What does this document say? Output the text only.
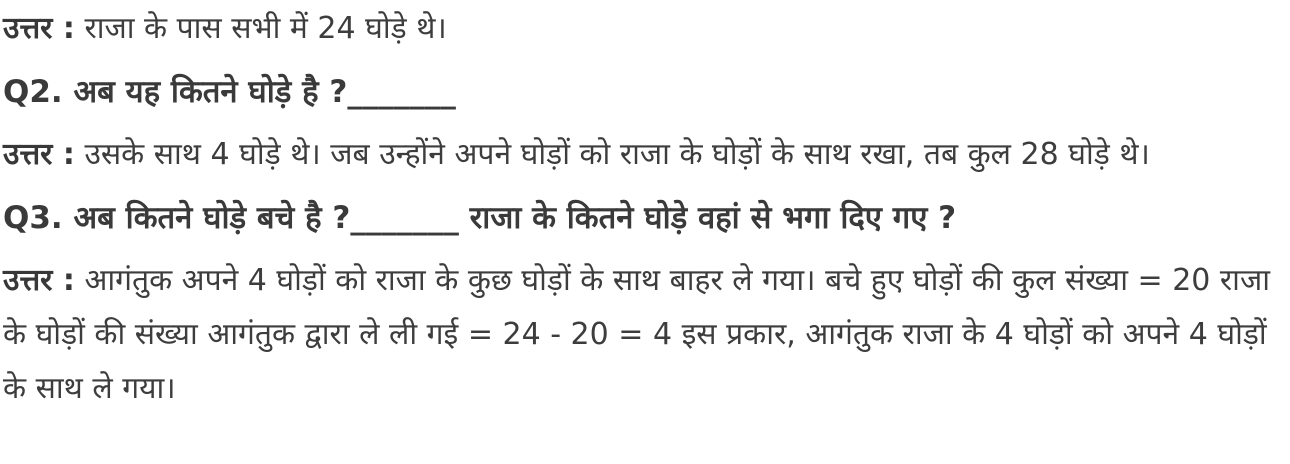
उत्तर : राजा के पास सभी में 24 घोड़े थे।

Q2. अब यह कितने घोड़े है ?_______

उत्तर : उसके साथ 4 घोड़े थे। जब उन्होंने अपने घोड़ों को राजा के घोड़ों के साथ रखा, तब कुल 28 घोड़े थे।

Q3. अब कितने घोड़े बचे है ?_______ राजा के कितने घोड़े वहां से भगा दिए गए ?

उत्तर : आगंतुक अपने 4 घोड़ों को राजा के कुछ घोड़ों के साथ बाहर ले गया। बचे हुए घोड़ों की कुल संख्या = 20 राजा के घोड़ों की संख्या आगंतुक द्वारा ले ली गई = 24 - 20 = 4 इस प्रकार, आगंतुक राजा के 4 घोड़ों को अपने 4 घोड़ों के साथ ले गया।
